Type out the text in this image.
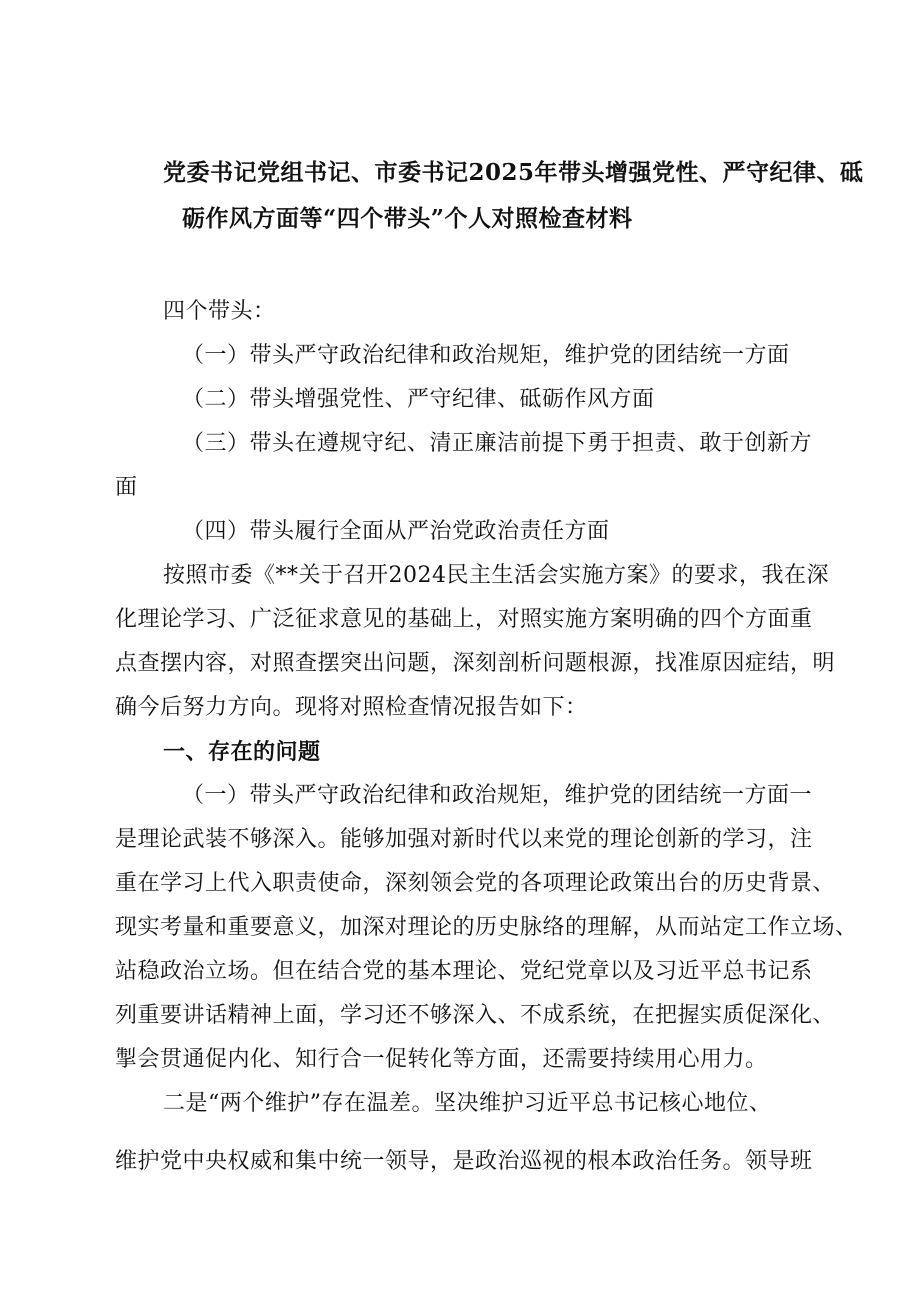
党委书记党组书记、市委书记2025年带头增强党性、严守纪律、砥
砺作风方面等“四个带头”个人对照检查材料
四个带头：
（一）带头严守政治纪律和政治规矩，维护党的团结统一方面
（二）带头增强党性、严守纪律、砥砺作风方面
（三）带头在遵规守纪、清正廉洁前提下勇于担责、敢于创新方
面
（四）带头履行全面从严治党政治责任方面
按照市委《**关于召开2024民主生活会实施方案》的要求，我在深
化理论学习、广泛征求意见的基础上，对照实施方案明确的四个方面重
点查摆内容，对照查摆突出问题，深刻剖析问题根源，找准原因症结，明
确今后努力方向。现将对照检查情况报告如下：
一、存在的问题
（一）带头严守政治纪律和政治规矩，维护党的团结统一方面一
是理论武装不够深入。能够加强对新时代以来党的理论创新的学习，注
重在学习上代入职责使命，深刻领会党的各项理论政策出台的历史背景、
现实考量和重要意义，加深对理论的历史脉络的理解，从而站定工作立场、
站稳政治立场。但在结合党的基本理论、党纪党章以及习近平总书记系
列重要讲话精神上面，学习还不够深入、不成系统，在把握实质促深化、
掣会贯通促内化、知行合一促转化等方面，还需要持续用心用力。
二是“两个维护”存在温差。坚决维护习近平总书记核心地位、
维护党中央权威和集中统一领导，是政治巡视的根本政治任务。领导班
